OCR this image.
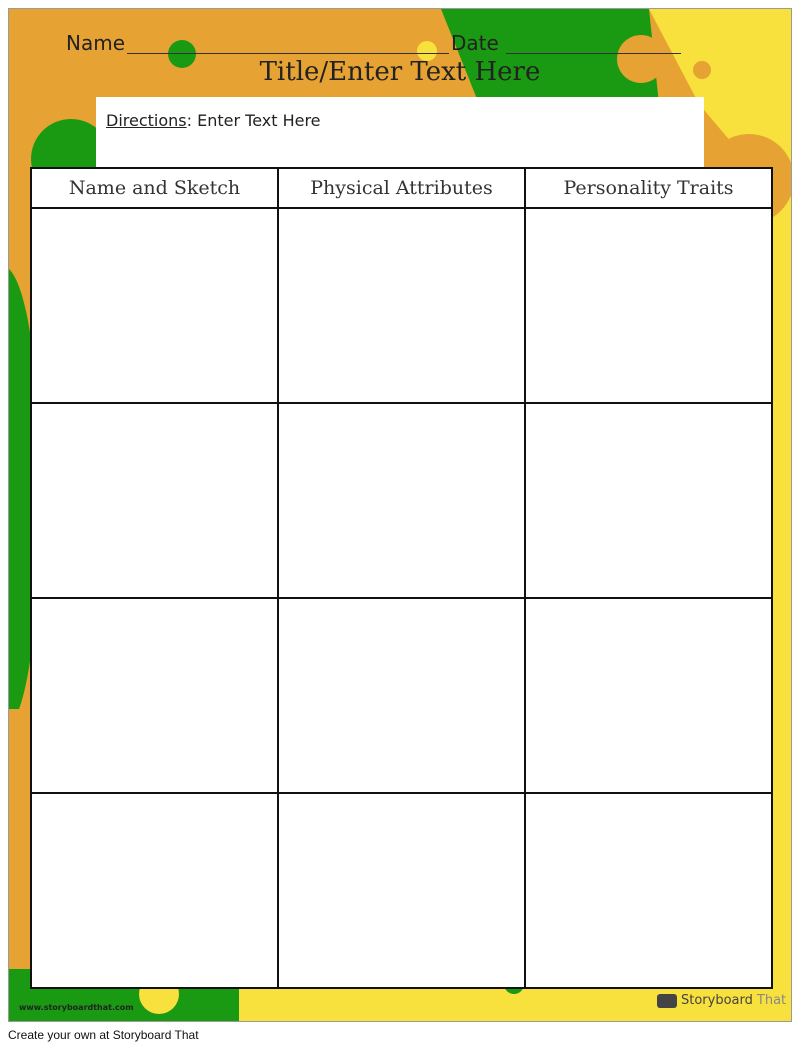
Name	Date
Title/Enter Text Here
Directions: Enter Text Here
Name and Sketch	Physical Attributes	Personality Traits

www.storyboardthat.com	Storyboard That
Create your own at Storyboard That
